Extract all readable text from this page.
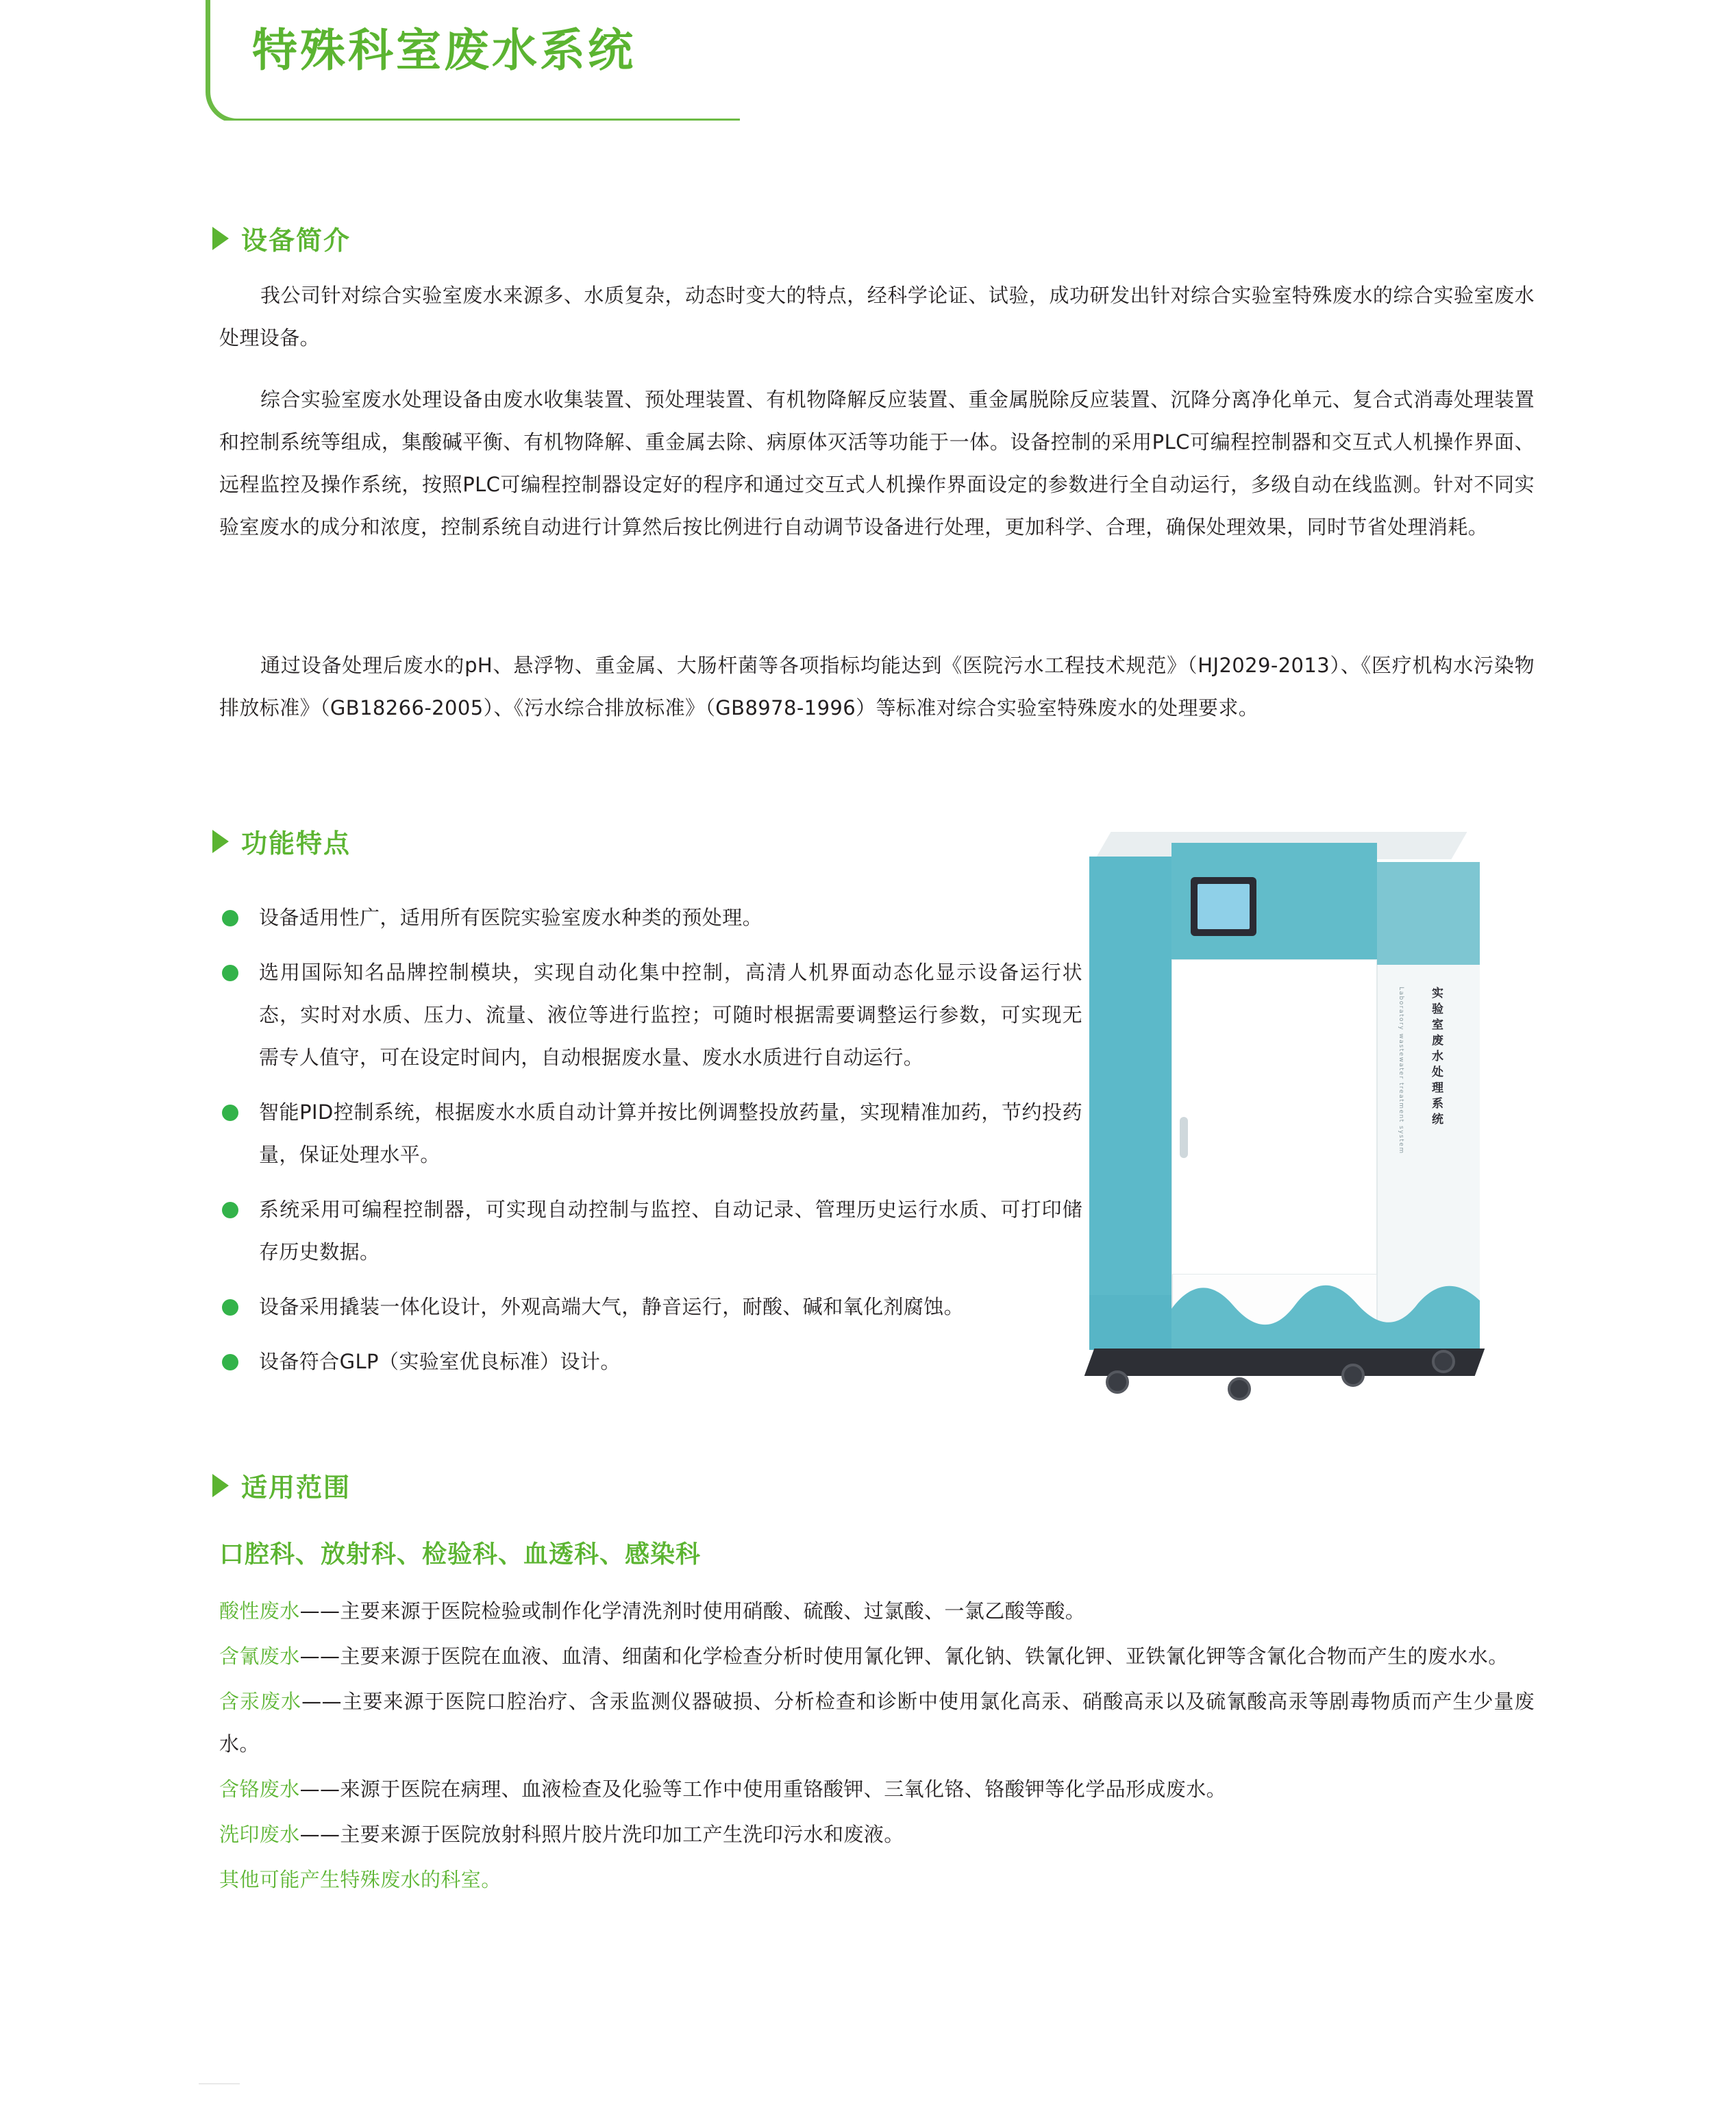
特殊科室废水系统
设备简介
我公司针对综合实验室废水来源多、水质复杂，动态时变大的特点，经科学论证、试验，成功研发出针对综合实验室特殊废水的综合实验室废水处理设备。
综合实验室废水处理设备由废水收集装置、预处理装置、有机物降解反应装置、重金属脱除反应装置、沉降分离净化单元、复合式消毒处理装置和控制系统等组成，集酸碱平衡、有机物降解、重金属去除、病原体灭活等功能于一体。设备控制的采用PLC可编程控制器和交互式人机操作界面、远程监控及操作系统，按照PLC可编程控制器设定好的程序和通过交互式人机操作界面设定的参数进行全自动运行，多级自动在线监测。针对不同实验室废水的成分和浓度，控制系统自动进行计算然后按比例进行自动调节设备进行处理，更加科学、合理，确保处理效果，同时节省处理消耗。
通过设备处理后废水的pH、悬浮物、重金属、大肠杆菌等各项指标均能达到《医院污水工程技术规范》（HJ2029-2013）、《医疗机构水污染物排放标准》（GB18266-2005）、《污水综合排放标准》（GB8978-1996）等标准对综合实验室特殊废水的处理要求。
功能特点
设备适用性广，适用所有医院实验室废水种类的预处理。
选用国际知名品牌控制模块，实现自动化集中控制，高清人机界面动态化显示设备运行状态，实时对水质、压力、流量、液位等进行监控；可随时根据需要调整运行参数，可实现无需专人值守，可在设定时间内，自动根据废水量、废水水质进行自动运行。
智能PID控制系统，根据废水水质自动计算并按比例调整投放药量，实现精准加药，节约投药量，保证处理水平。
系统采用可编程控制器，可实现自动控制与监控、自动记录、管理历史运行水质、可打印储存历史数据。
设备采用撬装一体化设计，外观高端大气，静音运行，耐酸、碱和氧化剂腐蚀。
设备符合GLP（实验室优良标准）设计。
实验室废水处理系统
Laboratory wastewater treatment system
适用范围
口腔科、放射科、检验科、血透科、感染科
酸性废水——主要来源于医院检验或制作化学清洗剂时使用硝酸、硫酸、过氯酸、一氯乙酸等酸。
含氰废水——主要来源于医院在血液、血清、细菌和化学检查分析时使用氰化钾、氰化钠、铁氰化钾、亚铁氰化钾等含氰化合物而产生的废水水。
含汞废水——主要来源于医院口腔治疗、含汞监测仪器破损、分析检查和诊断中使用氯化高汞、硝酸高汞以及硫氰酸高汞等剧毒物质而产生少量废水。
含铬废水——来源于医院在病理、血液检查及化验等工作中使用重铬酸钾、三氧化铬、铬酸钾等化学品形成废水。
洗印废水——主要来源于医院放射科照片胶片洗印加工产生洗印污水和废液。
其他可能产生特殊废水的科室。
